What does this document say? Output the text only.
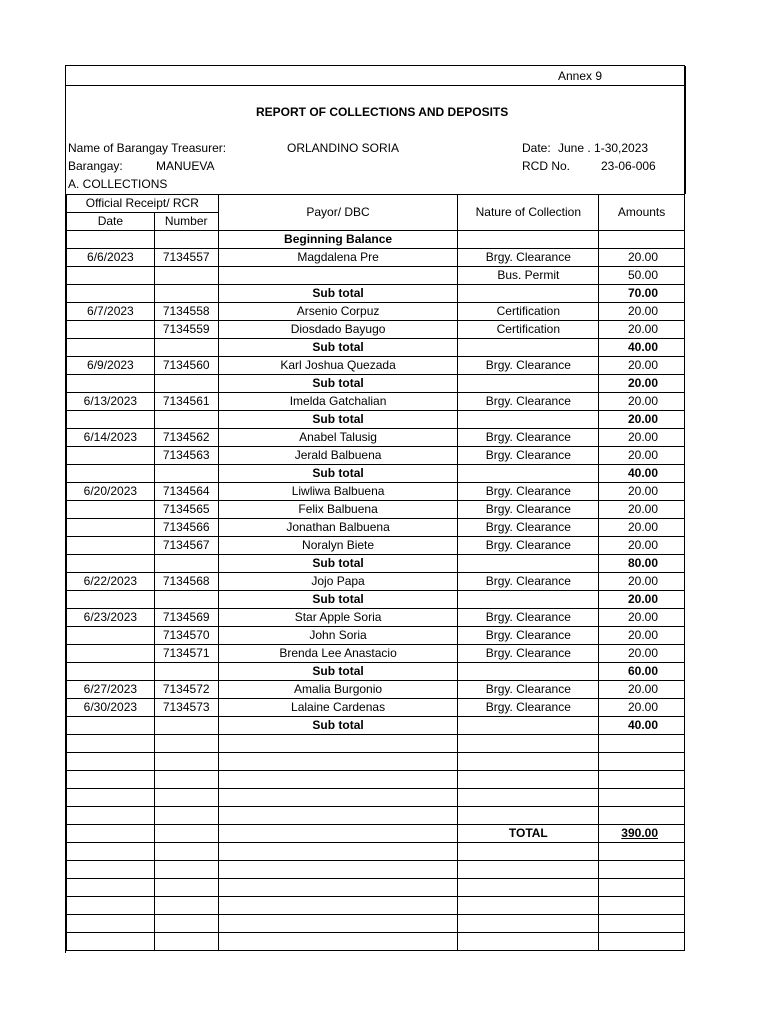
Annex 9
REPORT OF COLLECTIONS AND DEPOSITS
Name of Barangay Treasurer:	ORLANDINO SORIA	Date: June . 1-30,2023
Barangay:	MANUEVA	RCD No.	23-06-006
A. COLLECTIONS
Official Receipt/ RCR		Payor/ DBC	Nature of Collection	Amounts
Date	Number			
		Beginning Balance		
6/6/2023	7134557	Magdalena Pre	Brgy. Clearance	20.00
			Bus. Permit	50.00
		Sub total		70.00
6/7/2023	7134558	Arsenio Corpuz	Certification	20.00
	7134559	Diosdado Bayugo	Certification	20.00
		Sub total		40.00
6/9/2023	7134560	Karl Joshua Quezada	Brgy. Clearance	20.00
		Sub total		20.00
6/13/2023	7134561	Imelda Gatchalian	Brgy. Clearance	20.00
		Sub total		20.00
6/14/2023	7134562	Anabel Talusig	Brgy. Clearance	20.00
	7134563	Jerald Balbuena	Brgy. Clearance	20.00
		Sub total		40.00
6/20/2023	7134564	Liwliwa Balbuena	Brgy. Clearance	20.00
	7134565	Felix Balbuena	Brgy. Clearance	20.00
	7134566	Jonathan Balbuena	Brgy. Clearance	20.00
	7134567	Noralyn Biete	Brgy. Clearance	20.00
		Sub total		80.00
6/22/2023	7134568	Jojo Papa	Brgy. Clearance	20.00
		Sub total		20.00
6/23/2023	7134569	Star Apple Soria	Brgy. Clearance	20.00
	7134570	John Soria	Brgy. Clearance	20.00
	7134571	Brenda Lee Anastacio	Brgy. Clearance	20.00
		Sub total		60.00
6/27/2023	7134572	Amalia Burgonio	Brgy. Clearance	20.00
6/30/2023	7134573	Lalaine Cardenas	Brgy. Clearance	20.00
		Sub total		40.00

			TOTAL	390.00
